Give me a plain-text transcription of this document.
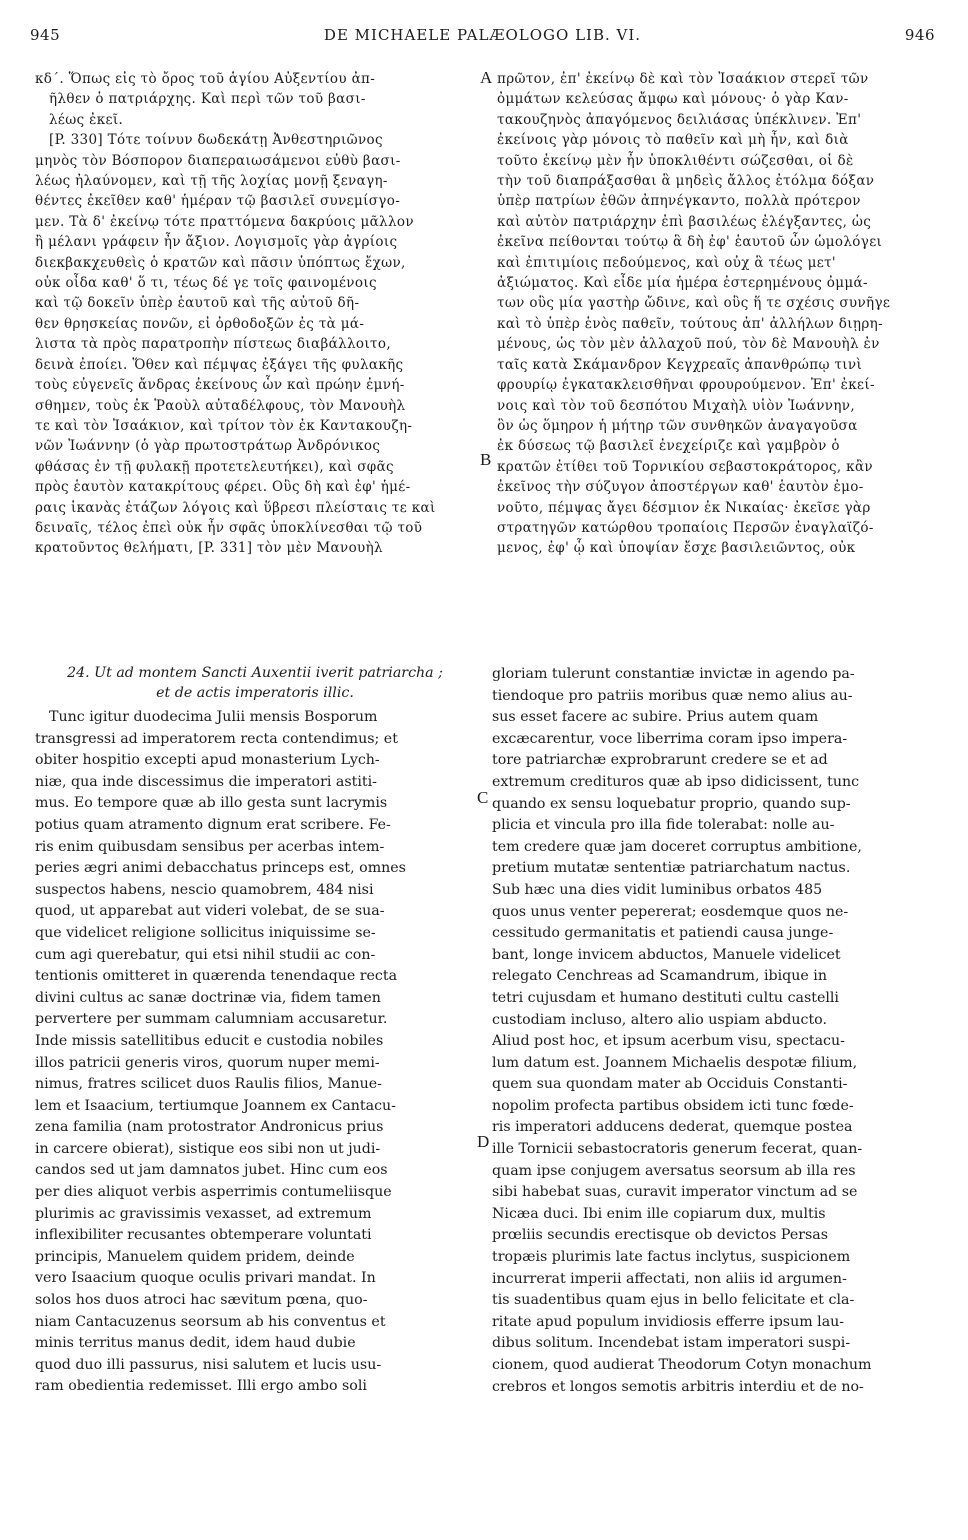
945	DE MICHAELE PALÆOLOGO LIB. VI.	946
κδ΄. Ὅπως εἰς τὸ ὄρος τοῦ ἁγίου Αὐξεντίου ἀπ-
ῆλθεν ὁ πατριάρχης. Καὶ περὶ τῶν τοῦ βασι-
λέως ἐκεῖ.
[P. 330] Τότε τοίνυν δωδεκάτῃ Ἀνθεστηριῶνος
μηνὸς τὸν Βόσπορον διαπεραιωσάμενοι εὐθὺ βασι-
λέως ἠλαύνομεν, καὶ τῇ τῆς λοχίας μονῇ ξεναγη-
θέντες ἐκεῖθεν καθ' ἡμέραν τῷ βασιλεῖ συνεμίσγο-
μεν. Τὰ δ' ἐκείνῳ τότε πραττόμενα δακρύοις μᾶλλον
ἢ μέλανι γράφειν ἦν ἄξιον. Λογισμοῖς γὰρ ἀγρίοις
διεκβακχευθεὶς ὁ κρατῶν καὶ πᾶσιν ὑπόπτως ἔχων,
οὐκ οἶδα καθ' ὅ τι, τέως δέ γε τοῖς φαινομένοις
καὶ τῷ δοκεῖν ὑπὲρ ἑαυτοῦ καὶ τῆς αὐτοῦ δῆ-
θεν θρησκείας πονῶν, εἰ ὀρθοδοξῶν ἐς τὰ μά-
λιστα τὰ πρὸς παρατροπὴν πίστεως διαβάλλοιτο,
δεινὰ ἐποίει. Ὅθεν καὶ πέμψας ἐξάγει τῆς φυλακῆς
τοὺς εὐγενεῖς ἄνδρας ἐκείνους ὧν καὶ πρώην ἐμνή-
σθημεν, τοὺς ἐκ Ῥαοὺλ αὐταδέλφους, τὸν Μανουὴλ
τε καὶ τὸν Ἰσαάκιον, καὶ τρίτον τὸν ἐκ Καντακουζη-
νῶν Ἰωάννην (ὁ γὰρ πρωτοστράτωρ Ἀνδρόνικος
φθάσας ἐν τῇ φυλακῇ προτετελευτήκει), καὶ σφᾶς
πρὸς ἑαυτὸν κατακρίτους φέρει. Οὓς δὴ καὶ ἐφ' ἡμέ-
ραις ἱκανὰς ἐτάζων λόγοις καὶ ὕβρεσι πλείσταις τε καὶ
δειναῖς, τέλος ἐπεὶ οὐκ ἦν σφᾶς ὑποκλίνεσθαι τῷ τοῦ
κρατοῦντος θελήματι, [P. 331] τὸν μὲν Μανουὴλ
πρῶτον, ἐπ' ἐκείνῳ δὲ καὶ τὸν Ἰσαάκιον στερεῖ τῶν
ὀμμάτων κελεύσας ἄμφω καὶ μόνους· ὁ γὰρ Καν-
τακουζηνὸς ἀπαγόμενος δειλιάσας ὑπέκλινεν. Ἐπ'
ἐκείνοις γὰρ μόνοις τὸ παθεῖν καὶ μὴ ἦν, καὶ διὰ
τοῦτο ἐκείνῳ μὲν ἦν ὑποκλιθέντι σώζεσθαι, οἱ δὲ
τὴν τοῦ διαπράξασθαι ἃ μηδεὶς ἄλλος ἐτόλμα δόξαν
ὑπὲρ πατρίων ἐθῶν ἀπηνέγκαντο, πολλὰ πρότερον
καὶ αὐτὸν πατριάρχην ἐπὶ βασιλέως ἐλέγξαντες, ὡς
ἐκεῖνα πείθονται τούτῳ ἃ δὴ ἐφ' ἑαυτοῦ ὧν ὡμολόγει
καὶ ἐπιτιμίοις πεδούμενος, καὶ οὐχ ἃ τέως μετ'
ἀξιώματος. Καὶ εἶδε μία ἡμέρα ἐστερημένους ὀμμά-
των οὓς μία γαστὴρ ὤδινε, καὶ οὓς ἥ τε σχέσις συνῆγε
καὶ τὸ ὑπὲρ ἑνὸς παθεῖν, τούτους ἀπ' ἀλλήλων διῃρη-
μένους, ὡς τὸν μὲν ἀλλαχοῦ πού, τὸν δὲ Μανουὴλ ἐν
ταῖς κατὰ Σκάμανδρον Κεγχρεαῖς ἀπανθρώπῳ τινὶ
φρουρίῳ ἐγκατακλεισθῆναι φρουρούμενον. Ἐπ' ἐκεί-
νοις καὶ τὸν τοῦ δεσπότου Μιχαὴλ υἱὸν Ἰωάννην,
ὃν ὡς ὅμηρον ἡ μήτηρ τῶν συνθηκῶν ἀναγαγοῦσα
ἐκ δύσεως τῷ βασιλεῖ ἐνεχείριζε καὶ γαμβρὸν ὁ
κρατῶν ἐτίθει τοῦ Τορνικίου σεβαστοκράτορος, κἂν
ἐκεῖνος τὴν σύζυγον ἀποστέργων καθ' ἑαυτὸν ἐμο-
νοῦτο, πέμψας ἄγει δέσμιον ἐκ Νικαίας· ἐκεῖσε γὰρ
στρατηγῶν κατώρθου τροπαίοις Περσῶν ἐναγλαϊζό-
μενος, ἐφ' ᾧ καὶ ὑποψίαν ἔσχε βασιλειῶντος, οὐκ
24. Ut ad montem Sancti Auxentii iverit patriarcha ;
et de actis imperatoris illic.
Tunc igitur duodecima Julii mensis Bosporum
transgressi ad imperatorem recta contendimus; et
obiter hospitio excepti apud monasterium Lych-
niæ, qua inde discessimus die imperatori astiti-
mus. Eo tempore quæ ab illo gesta sunt lacrymis
potius quam atramento dignum erat scribere. Fe-
ris enim quibusdam sensibus per acerbas intem-
peries ægri animi debacchatus princeps est, omnes
suspectos habens, nescio quamobrem, 484 nisi
quod, ut apparebat aut videri volebat, de se sua-
que videlicet religione sollicitus iniquissime se-
cum agi querebatur, qui etsi nihil studii ac con-
tentionis omitteret in quærenda tenendaque recta
divini cultus ac sanæ doctrinæ via, fidem tamen
pervertere per summam calumniam accusaretur.
Inde missis satellitibus educit e custodia nobiles
illos patricii generis viros, quorum nuper memi-
nimus, fratres scilicet duos Raulis filios, Manue-
lem et Isaacium, tertiumque Joannem ex Cantacu-
zena familia (nam protostrator Andronicus prius
in carcere obierat), sistique eos sibi non ut judi-
candos sed ut jam damnatos jubet. Hinc cum eos
per dies aliquot verbis asperrimis contumeliisque
plurimis ac gravissimis vexasset, ad extremum
inflexibiliter recusantes obtemperare voluntati
principis, Manuelem quidem pridem, deinde
vero Isaacium quoque oculis privari mandat. In
solos hos duos atroci hac sævitum pœna, quo-
niam Cantacuzenus seorsum ab his conventus et
minis territus manus dedit, idem haud dubie
quod duo illi passurus, nisi salutem et lucis usu-
ram obedientia redemisset. Illi ergo ambo soli
gloriam tulerunt constantiæ invictæ in agendo pa-
tiendoque pro patriis moribus quæ nemo alius au-
sus esset facere ac subire. Prius autem quam
excæcarentur, voce liberrima coram ipso impera-
tore patriarchæ exprobrarunt credere se et ad
extremum credituros quæ ab ipso didicissent, tunc
quando ex sensu loquebatur proprio, quando sup-
plicia et vincula pro illa fide tolerabat: nolle au-
tem credere quæ jam doceret corruptus ambitione,
pretium mutatæ sententiæ patriarchatum nactus.
Sub hæc una dies vidit luminibus orbatos 485
quos unus venter pepererat; eosdemque quos ne-
cessitudo germanitatis et patiendi causa junge-
bant, longe invicem abductos, Manuele videlicet
relegato Cenchreas ad Scamandrum, ibique in
tetri cujusdam et humano destituti cultu castelli
custodiam incluso, altero alio uspiam abducto.
Aliud post hoc, et ipsum acerbum visu, spectacu-
lum datum est. Joannem Michaelis despotæ filium,
quem sua quondam mater ab Occiduis Constanti-
nopolim profecta partibus obsidem icti tunc fœde-
ris imperatori adducens dederat, quemque postea
ille Tornicii sebastocratoris generum fecerat, quan-
quam ipse conjugem aversatus seorsum ab illa res
sibi habebat suas, curavit imperator vinctum ad se
Nicæa duci. Ibi enim ille copiarum dux, multis
prœliis secundis erectisque ob devictos Persas
tropæis plurimis late factus inclytus, suspicionem
incurrerat imperii affectati, non aliis id argumen-
tis suadentibus quam ejus in bello felicitate et cla-
ritate apud populum invidiosis efferre ipsum lau-
dibus solitum. Incendebat istam imperatori suspi-
cionem, quod audierat Theodorum Cotyn monachum
crebros et longos semotis arbitris interdiu et de no-
A
B
C
D
